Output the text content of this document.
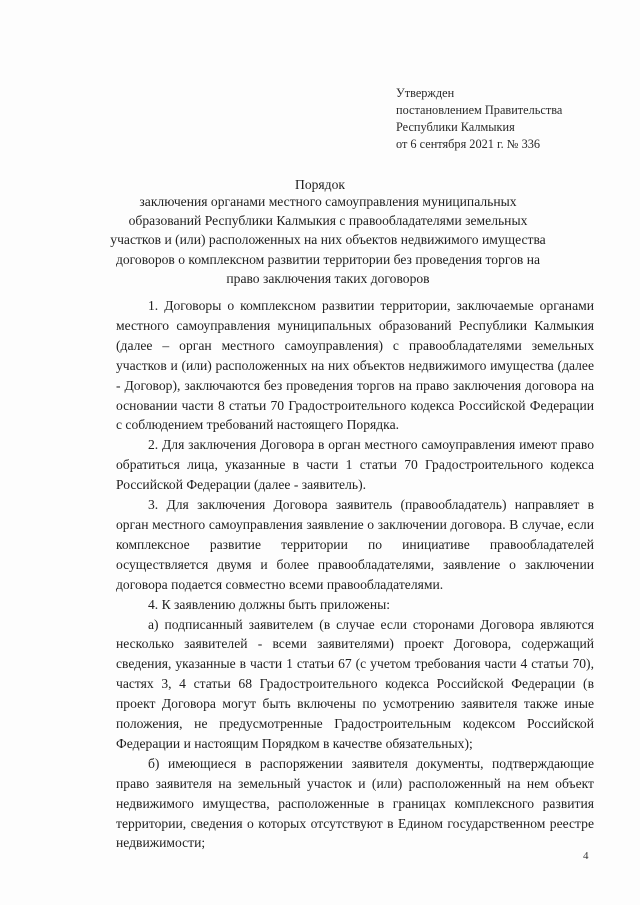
Утвержден
постановлением Правительства
Республики Калмыкия
от 6 сентября 2021 г. № 336
Порядок
заключения органами местного самоуправления муниципальных образований Республики Калмыкия с правообладателями земельных участков и (или) расположенных на них объектов недвижимого имущества договоров о комплексном развитии территории без проведения торгов на право заключения таких договоров

1. Договоры о комплексном развитии территории, заключаемые органами местного самоуправления муниципальных образований Республики Калмыкия (далее – орган местного самоуправления) с правообладателями земельных участков и (или) расположенных на них объектов недвижимого имущества (далее - Договор), заключаются без проведения торгов на право заключения договора на основании части 8 статьи 70 Градостроительного кодекса Российской Федерации с соблюдением требований настоящего Порядка.

2. Для заключения Договора в орган местного самоуправления имеют право обратиться лица, указанные в части 1 статьи 70 Градостроительного кодекса Российской Федерации (далее - заявитель).

3. Для заключения Договора заявитель (правообладатель) направляет в орган местного самоуправления заявление о заключении договора. В случае, если комплексное развитие территории по инициативе правообладателей осуществляется двумя и более правообладателями, заявление о заключении договора подается совместно всеми правообладателями.

4. К заявлению должны быть приложены:

а) подписанный заявителем (в случае если сторонами Договора являются несколько заявителей - всеми заявителями) проект Договора, содержащий сведения, указанные в части 1 статьи 67 (с учетом требования части 4 статьи 70), частях 3, 4 статьи 68 Градостроительного кодекса Российской Федерации (в проект Договора могут быть включены по усмотрению заявителя также иные положения, не предусмотренные Градостроительным кодексом Российской Федерации и настоящим Порядком в качестве обязательных);

б) имеющиеся в распоряжении заявителя документы, подтверждающие право заявителя на земельный участок и (или) расположенный на нем объект недвижимого имущества, расположенные в границах комплексного развития территории, сведения о которых отсутствуют в Едином государственном реестре недвижимости;

4
